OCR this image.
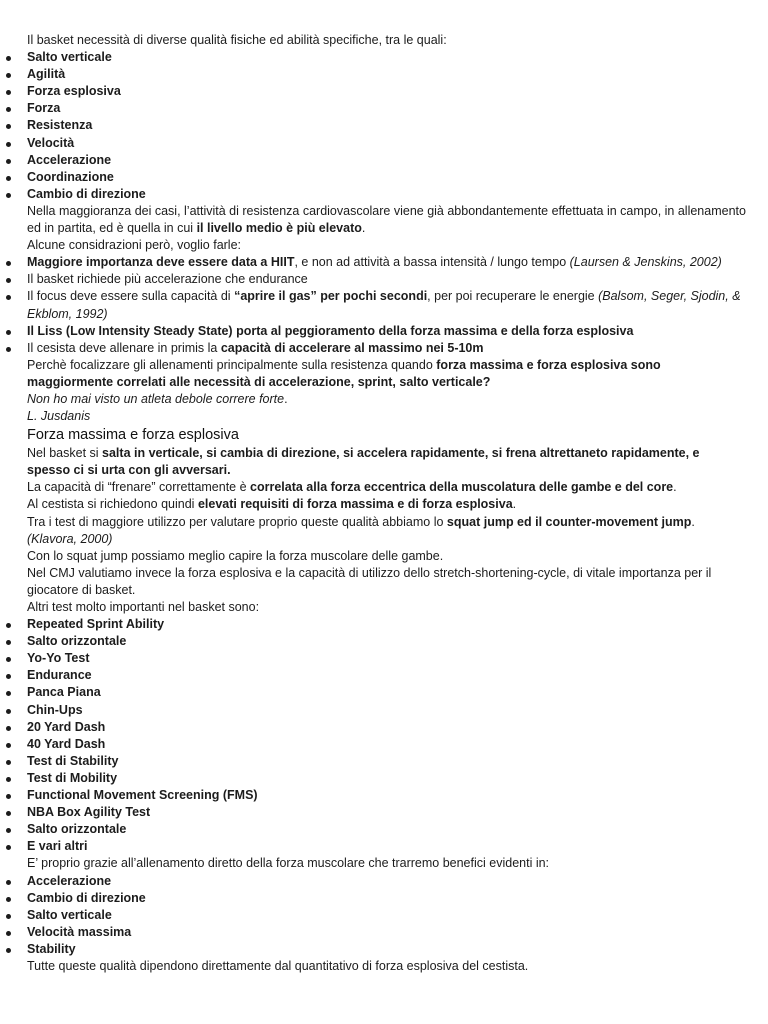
Il basket necessità di diverse qualità fisiche ed abilità specifiche, tra le quali:
Salto verticale
Agilità
Forza esplosiva
Forza
Resistenza
Velocità
Accelerazione
Coordinazione
Cambio di direzione
Nella maggioranza dei casi, l’attività di resistenza cardiovascolare viene già abbondantemente effettuata in campo, in allenamento ed in partita, ed è quella in cui il livello medio è più elevato.
Alcune considrazioni però, voglio farle:
Maggiore importanza deve essere data a HIIT, e non ad attività a bassa intensità / lungo tempo (Laursen & Jenskins, 2002)
Il basket richiede più accelerazione che endurance
Il focus deve essere sulla capacità di “aprire il gas” per pochi secondi, per poi recuperare le energie (Balsom, Seger, Sjodin, & Ekblom, 1992)
Il Liss (Low Intensity Steady State) porta al peggioramento della forza massima e della forza esplosiva
Il cesista deve allenare in primis la capacità di accelerare al massimo nei 5-10m
Perchè focalizzare gli allenamenti principalmente sulla resistenza quando forza massima e forza esplosiva sono maggiormente correlati alle necessità di accelerazione, sprint, salto verticale?
Non ho mai visto un atleta debole correre forte.
L. Jusdanis
Forza massima e forza esplosiva
Nel basket si salta in verticale, si cambia di direzione, si accelera rapidamente, si frena altrettaneto rapidamente, e spesso ci si urta con gli avversari.
La capacità di “frenare” correttamente è correlata alla forza eccentrica della muscolatura delle gambe e del core.
Al cestista si richiedono quindi elevati requisiti di forza massima e di forza esplosiva.
Tra i test di maggiore utilizzo per valutare proprio queste qualità abbiamo lo squat jump ed il counter-movement jump. (Klavora, 2000)
Con lo squat jump possiamo meglio capire la forza muscolare delle gambe.
Nel CMJ valutiamo invece la forza esplosiva e la capacità di utilizzo dello stretch-shortening-cycle, di vitale importanza per il giocatore di basket.
Altri test molto importanti nel basket sono:
Repeated Sprint Ability
Salto orizzontale
Yo-Yo Test
Endurance
Panca Piana
Chin-Ups
20 Yard Dash
40 Yard Dash
Test di Stability
Test di Mobility
Functional Movement Screening (FMS)
NBA Box Agility Test
Salto orizzontale
E vari altri
E’ proprio grazie all’allenamento diretto della forza muscolare che trarremo benefici evidenti in:
Accelerazione
Cambio di direzione
Salto verticale
Velocità massima
Stability
Tutte queste qualità dipendono direttamente dal quantitativo di forza esplosiva del cestista.
